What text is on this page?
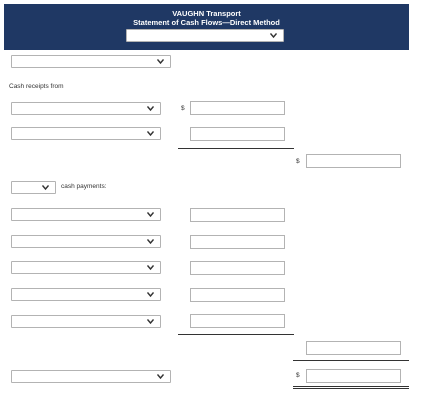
VAUGHN Transport
Statement of Cash Flows—Direct Method
Cash receipts from
$
$
cash payments:
$
